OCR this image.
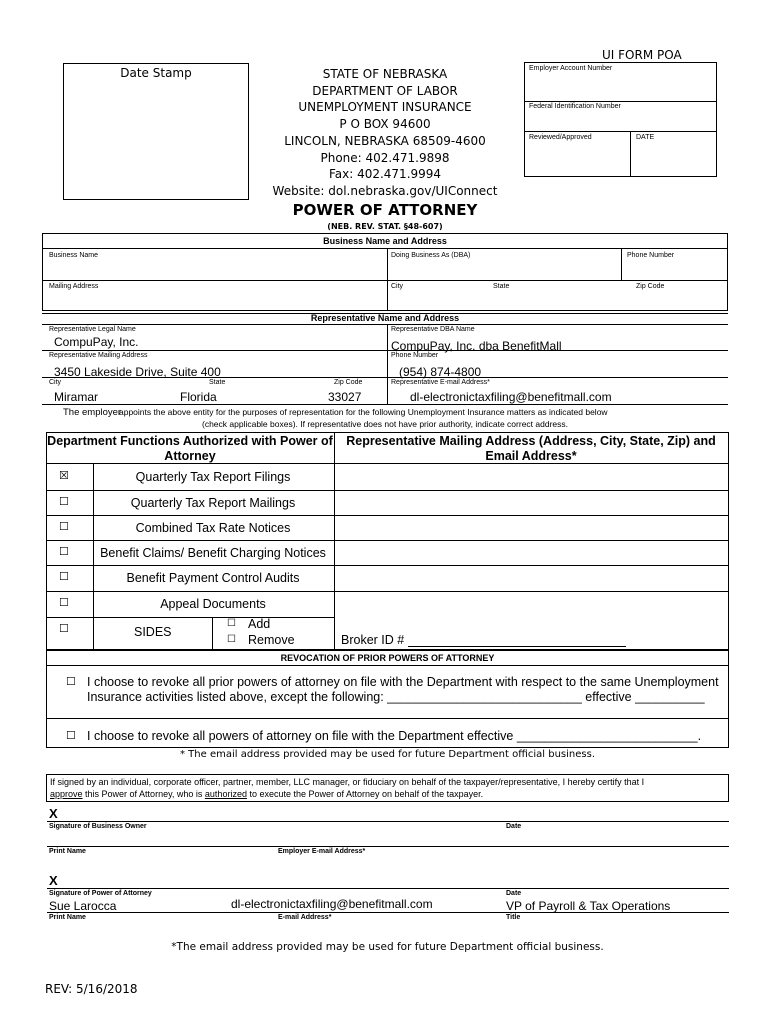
UI FORM POA
Date Stamp	STATE OF NEBRASKA
DEPARTMENT OF LABOR
UNEMPLOYMENT INSURANCE
P O BOX 94600
LINCOLN, NEBRASKA 68509-4600
Phone: 402.471.9898
Fax: 402.471.9994
Website: dol.nebraska.gov/UIConnect
Employer Account Number
Federal Identification Number
Reviewed/Approved	DATE
POWER OF ATTORNEY
(NEB. REV. STAT. §48-607)
Business Name and Address
Business Name	Doing Business As (DBA)	Phone Number
Mailing Address	City	State	Zip Code
Representative Name and Address
Representative Legal Name
CompuPay, Inc.
Representative DBA Name
CompuPay, Inc. dba BenefitMall
Representative Mailing Address
3450 Lakeside Drive, Suite 400
Phone Number
(954) 874-4800
City	State	Zip Code	Representative E-mail Address*
Miramar	Florida	33027	dl-electronictaxfiling@benefitmall.com
The employer
appoints the above entity for the purposes of representation for the following Unemployment Insurance matters as indicated below
(check applicable boxes). If representative does not have prior authority, indicate correct address.
Department Functions Authorized with Power of Attorney
Representative Mailing Address (Address, City, State, Zip) and Email Address*
☒	Quarterly Tax Report Filings
☐	Quarterly Tax Report Mailings
☐	Combined Tax Rate Notices
☐	Benefit Claims/ Benefit Charging Notices
☐	Benefit Payment Control Audits
☐	Appeal Documents
☐	SIDES
☐ Add
☐ Remove	Broker ID #
REVOCATION OF PRIOR POWERS OF ATTORNEY
☐ I choose to revoke all prior powers of attorney on file with the Department with respect to the same Unemployment
Insurance activities listed above, except the following: ____________________________ effective __________
☐ I choose to revoke all powers of attorney on file with the Department effective __________________________.
* The email address provided may be used for future Department official business.
If signed by an individual, corporate officer, partner, member, LLC manager, or fiduciary on behalf of the taxpayer/representative, I hereby certify that I
approve this Power of Attorney, who is authorized to execute the Power of Attorney on behalf of the taxpayer.
X
Signature of Business Owner	Date
Print Name	Employer E-mail Address*
X
Signature of Power of Attorney	Date
Sue Larocca	dl-electronictaxfiling@benefitmall.com	VP of Payroll & Tax Operations
Print Name	E-mail Address*	Title
*The email address provided may be used for future Department official business.
REV: 5/16/2018
